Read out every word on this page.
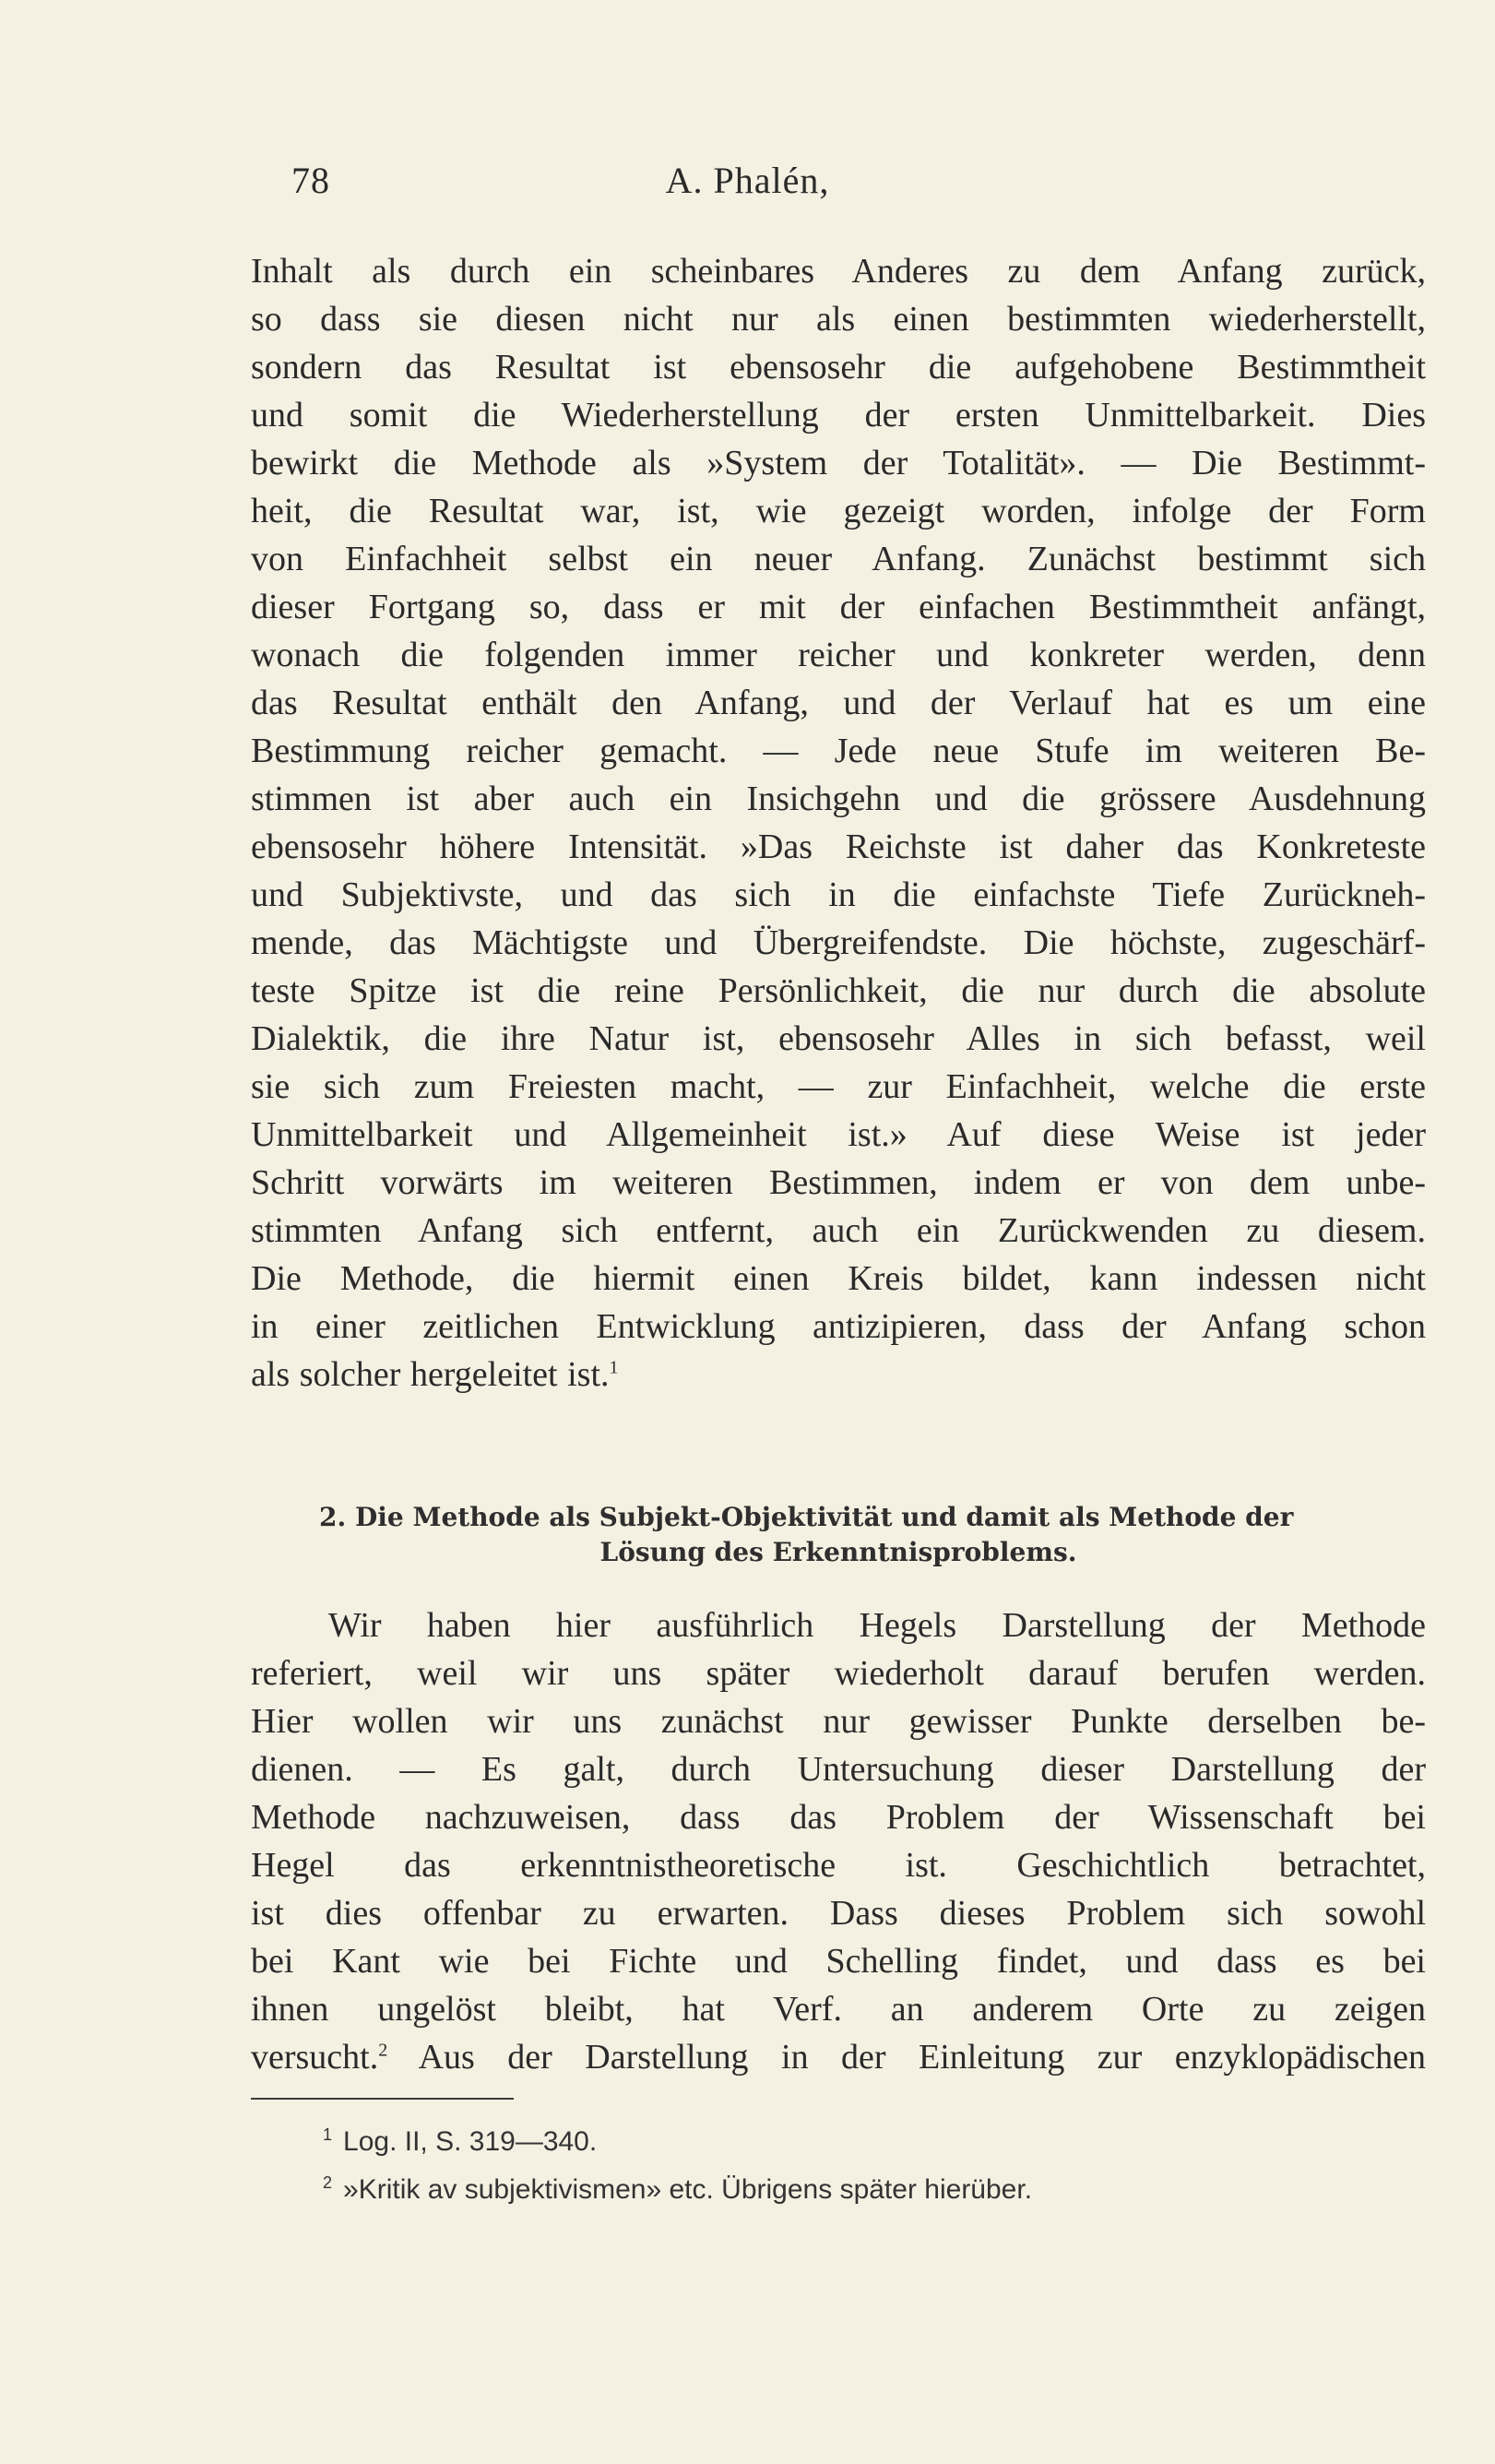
78	A. Phalén,
Inhalt als durch ein scheinbares Anderes zu dem Anfang zurück,
so dass sie diesen nicht nur als einen bestimmten wiederherstellt,
sondern das Resultat ist ebensosehr die aufgehobene Bestimmtheit
und somit die Wiederherstellung der ersten Unmittelbarkeit. Dies
bewirkt die Methode als »System der Totalität». — Die Bestimmt-
heit, die Resultat war, ist, wie gezeigt worden, infolge der Form
von Einfachheit selbst ein neuer Anfang. Zunächst bestimmt sich
dieser Fortgang so, dass er mit der einfachen Bestimmtheit anfängt,
wonach die folgenden immer reicher und konkreter werden, denn
das Resultat enthält den Anfang, und der Verlauf hat es um eine
Bestimmung reicher gemacht. — Jede neue Stufe im weiteren Be-
stimmen ist aber auch ein Insichgehn und die grössere Ausdehnung
ebensosehr höhere Intensität. »Das Reichste ist daher das Konkreteste
und Subjektivste, und das sich in die einfachste Tiefe Zurückneh-
mende, das Mächtigste und Übergreifendste. Die höchste, zugeschärf-
teste Spitze ist die reine Persönlichkeit, die nur durch die absolute
Dialektik, die ihre Natur ist, ebensosehr Alles in sich befasst, weil
sie sich zum Freiesten macht, — zur Einfachheit, welche die erste
Unmittelbarkeit und Allgemeinheit ist.» Auf diese Weise ist jeder
Schritt vorwärts im weiteren Bestimmen, indem er von dem unbe-
stimmten Anfang sich entfernt, auch ein Zurückwenden zu diesem.
Die Methode, die hiermit einen Kreis bildet, kann indessen nicht
in einer zeitlichen Entwicklung antizipieren, dass der Anfang schon
als solcher hergeleitet ist.$^1$
2. Die Methode als Subjekt-Objektivität und damit als Methode der
Lösung des Erkenntnisproblems.
Wir haben hier ausführlich Hegels Darstellung der Methode
referiert, weil wir uns später wiederholt darauf berufen werden.
Hier wollen wir uns zunächst nur gewisser Punkte derselben be-
dienen. — Es galt, durch Untersuchung dieser Darstellung der
Methode nachzuweisen, dass das Problem der Wissenschaft bei
Hegel das erkenntnistheoretische ist. Geschichtlich betrachtet,
ist dies offenbar zu erwarten. Dass dieses Problem sich sowohl
bei Kant wie bei Fichte und Schelling findet, und dass es bei
ihnen ungelöst bleibt, hat Verf. an anderem Orte zu zeigen
versucht.$^2$ Aus der Darstellung in der Einleitung zur enzyklopädischen
$^1$ Log. II, S. 319—340.
$^2$ »Kritik av subjektivismen» etc. Übrigens später hierüber.
